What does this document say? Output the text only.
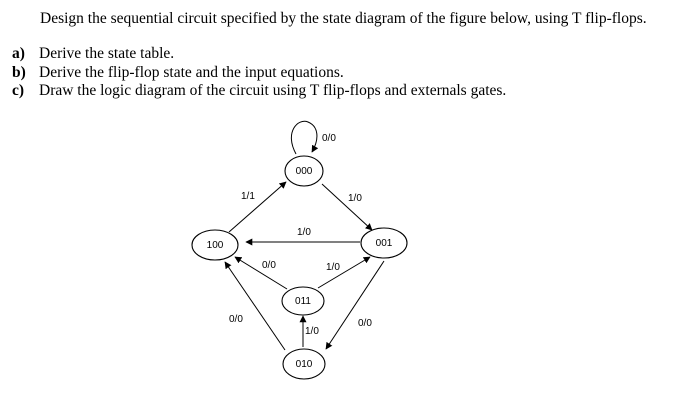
Design the sequential circuit specified by the state diagram of the figure below, using T flip-flops.
a) Derive the state table.
b) Derive the flip-flop state and the input equations.
c) Draw the logic diagram of the circuit using T flip-flops and externals gates.
000
001
100
011
010
0/0
1/0
1/1
1/0
1/0
0/0
0/0
0/0
1/0
